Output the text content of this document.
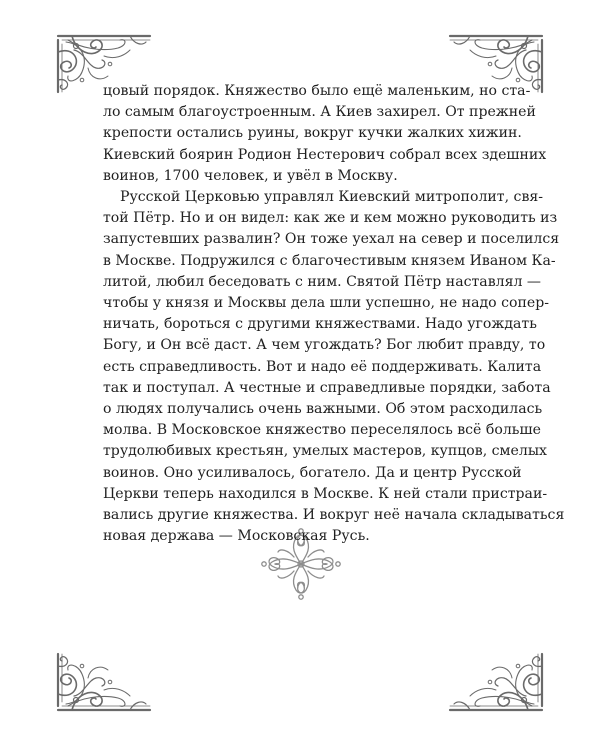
цовый порядок. Княжество было ещё маленьким, но ста-
ло самым благоустроенным. А Киев захирел. От прежней
крепости остались руины, вокруг кучки жалких хижин.
Киевский боярин Родион Нестерович собрал всех здешних
воинов, 1700 человек, и увёл в Москву.
Русской Церковью управлял Киевский митрополит, свя-
той Пётр. Но и он видел: как же и кем можно руководить из
запустевших развалин? Он тоже уехал на север и поселился
в Москве. Подружился с благочестивым князем Иваном Ка-
литой, любил беседовать с ним. Святой Пётр наставлял —
чтобы у князя и Москвы дела шли успешно, не надо сопер-
ничать, бороться с другими княжествами. Надо угождать
Богу, и Он всё даст. А чем угождать? Бог любит правду, то
есть справедливость. Вот и надо её поддерживать. Калита
так и поступал. А честные и справедливые порядки, забота
о людях получались очень важными. Об этом расходилась
молва. В Московское княжество переселялось всё больше
трудолюбивых крестьян, умелых мастеров, купцов, смелых
воинов. Оно усиливалось, богатело. Да и центр Русской
Церкви теперь находился в Москве. К ней стали пристраи-
вались другие княжества. И вокруг неё начала складываться
новая держава — Московская Русь.
